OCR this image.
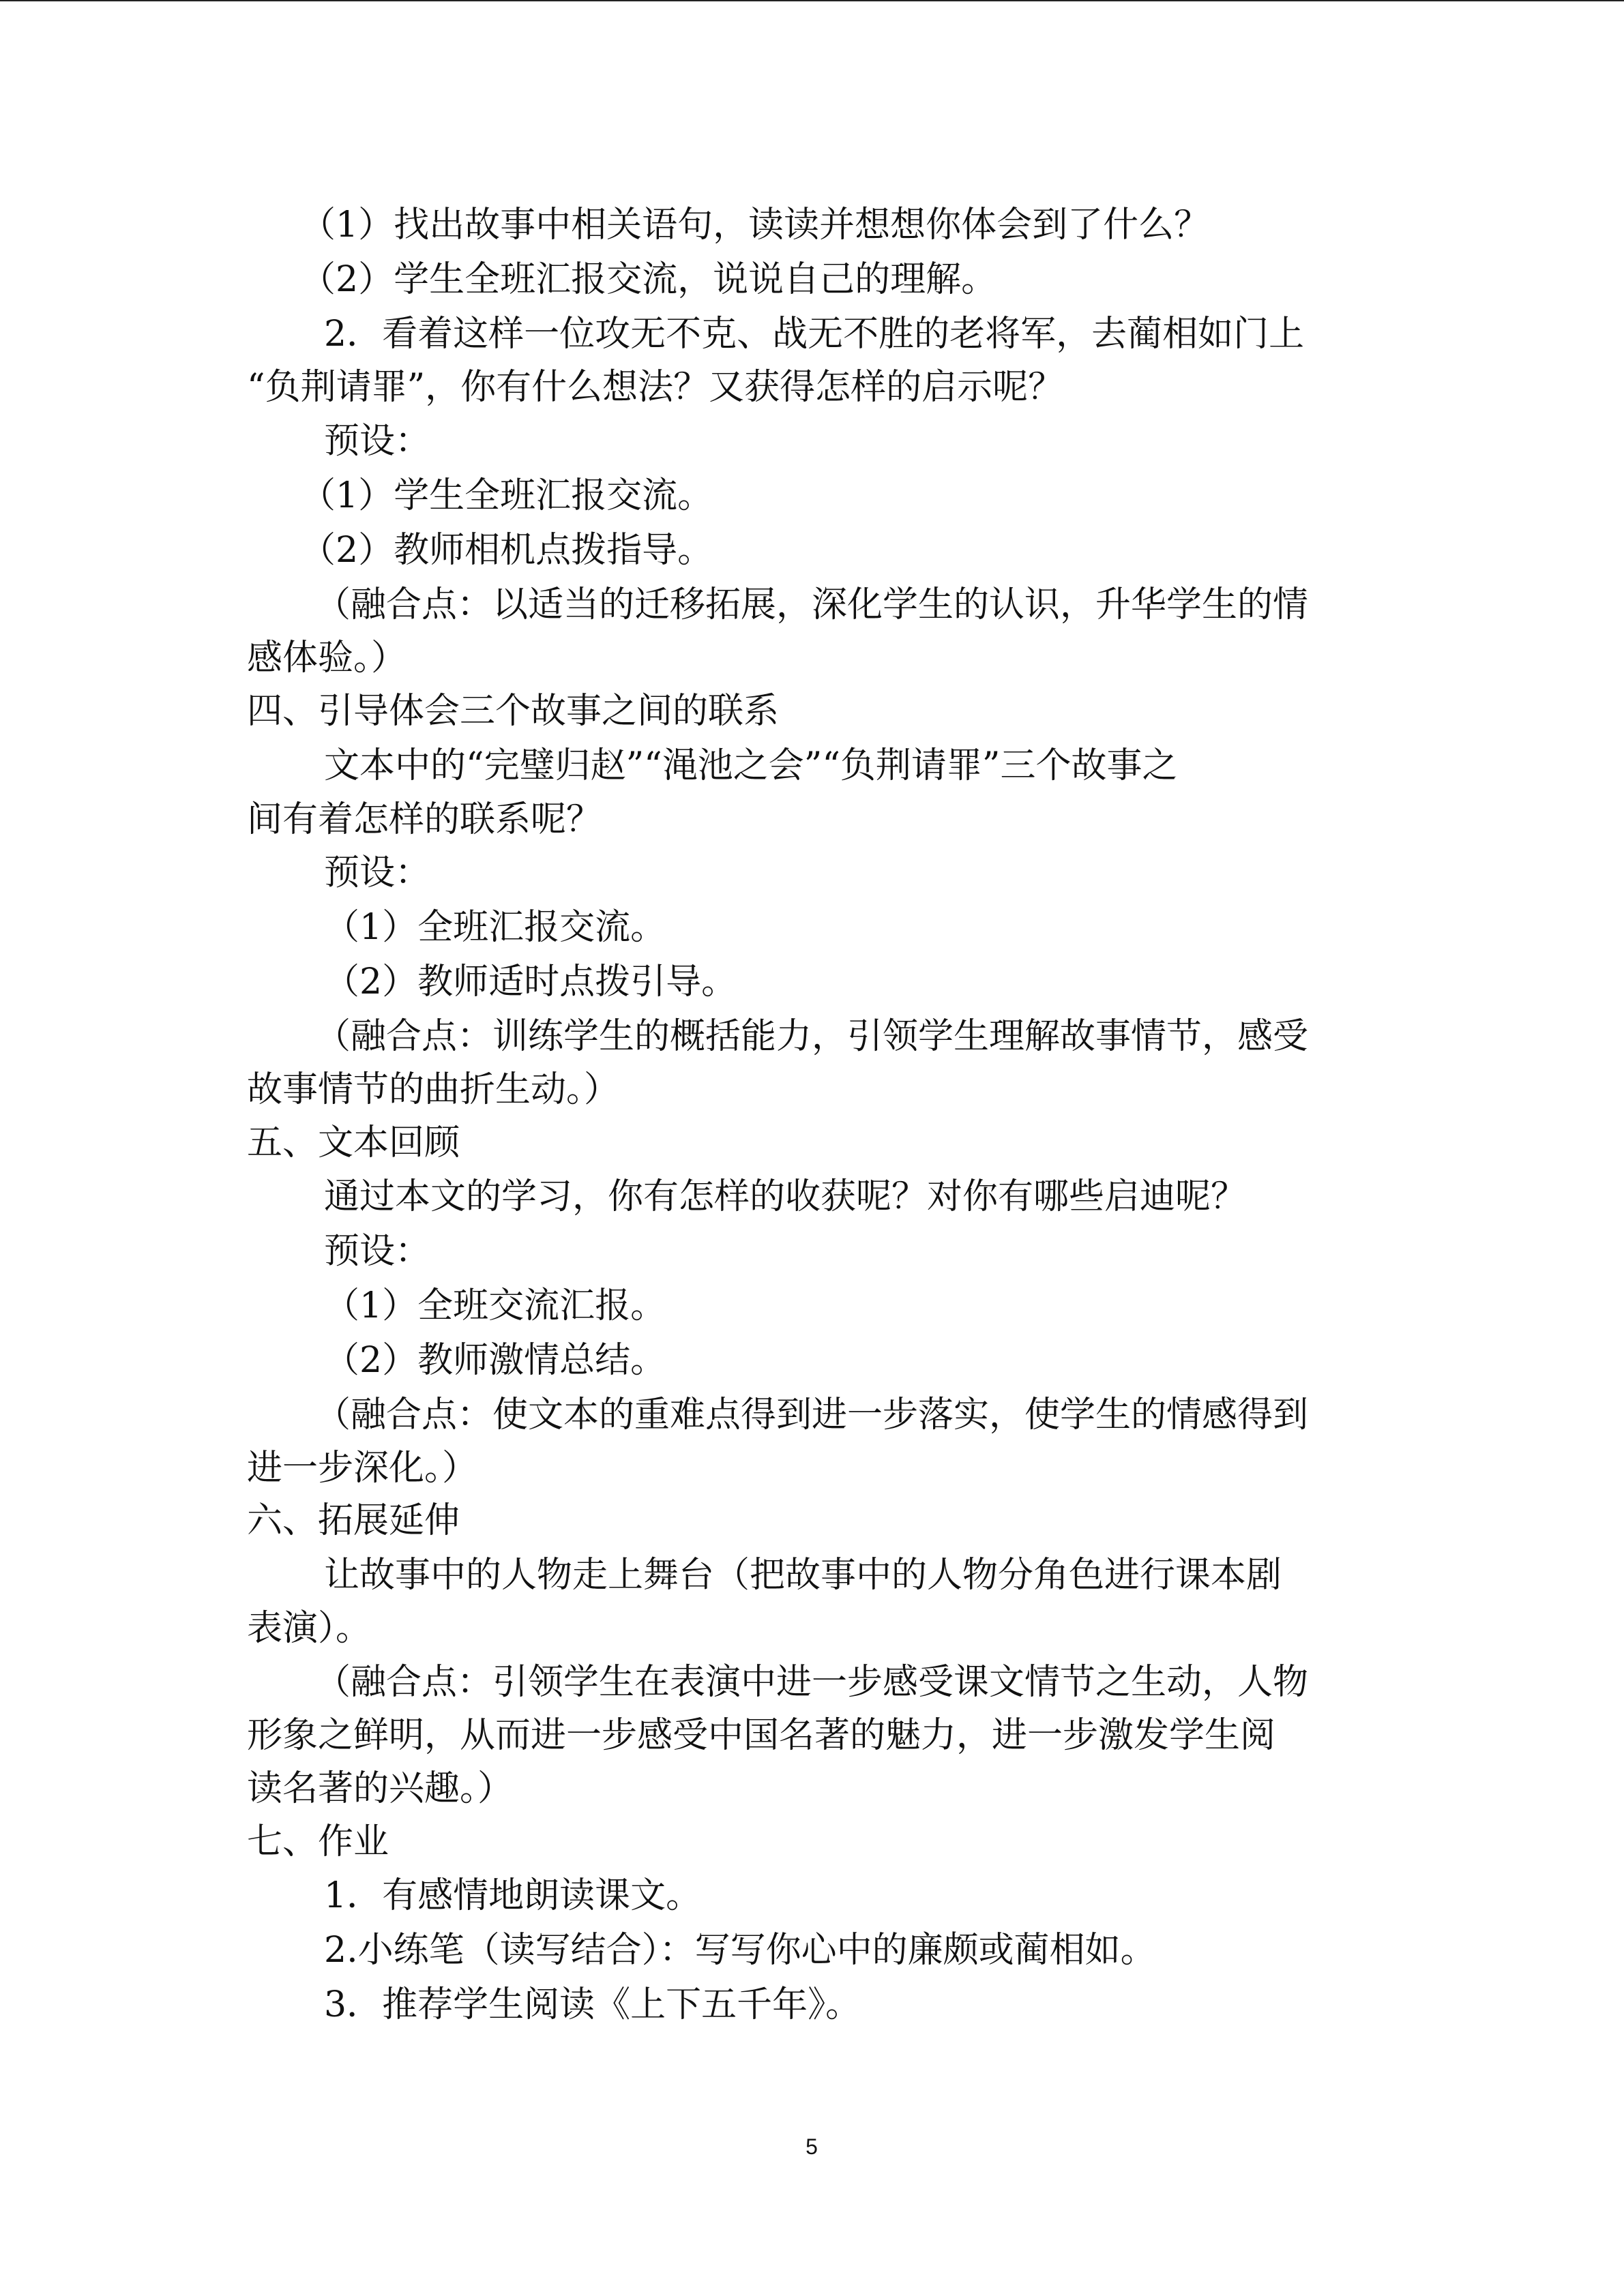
（1）找出故事中相关语句，读读并想想你体会到了什么？
（2）学生全班汇报交流，说说自己的理解。
2．看着这样一位攻无不克、战无不胜的老将军，去蔺相如门上
“负荆请罪”，你有什么想法？又获得怎样的启示呢？
预设：
（1）学生全班汇报交流。
（2）教师相机点拨指导。
（融合点：以适当的迁移拓展，深化学生的认识，升华学生的情
感体验。）
四、引导体会三个故事之间的联系
文本中的“完璧归赵”“渑池之会”“负荆请罪”三个故事之
间有着怎样的联系呢？
预设：
（1）全班汇报交流。
（2）教师适时点拨引导。
（融合点：训练学生的概括能力，引领学生理解故事情节，感受
故事情节的曲折生动。）
五、文本回顾
通过本文的学习，你有怎样的收获呢？对你有哪些启迪呢？
预设：
（1）全班交流汇报。
（2）教师激情总结。
（融合点：使文本的重难点得到进一步落实，使学生的情感得到
进一步深化。）
六、拓展延伸
让故事中的人物走上舞台（把故事中的人物分角色进行课本剧
表演）。
（融合点：引领学生在表演中进一步感受课文情节之生动，人物
形象之鲜明，从而进一步感受中国名著的魅力，进一步激发学生阅
读名著的兴趣。）
七、作业
1．有感情地朗读课文。
2.小练笔（读写结合）：写写你心中的廉颇或蔺相如。
3．推荐学生阅读《上下五千年》。
5
